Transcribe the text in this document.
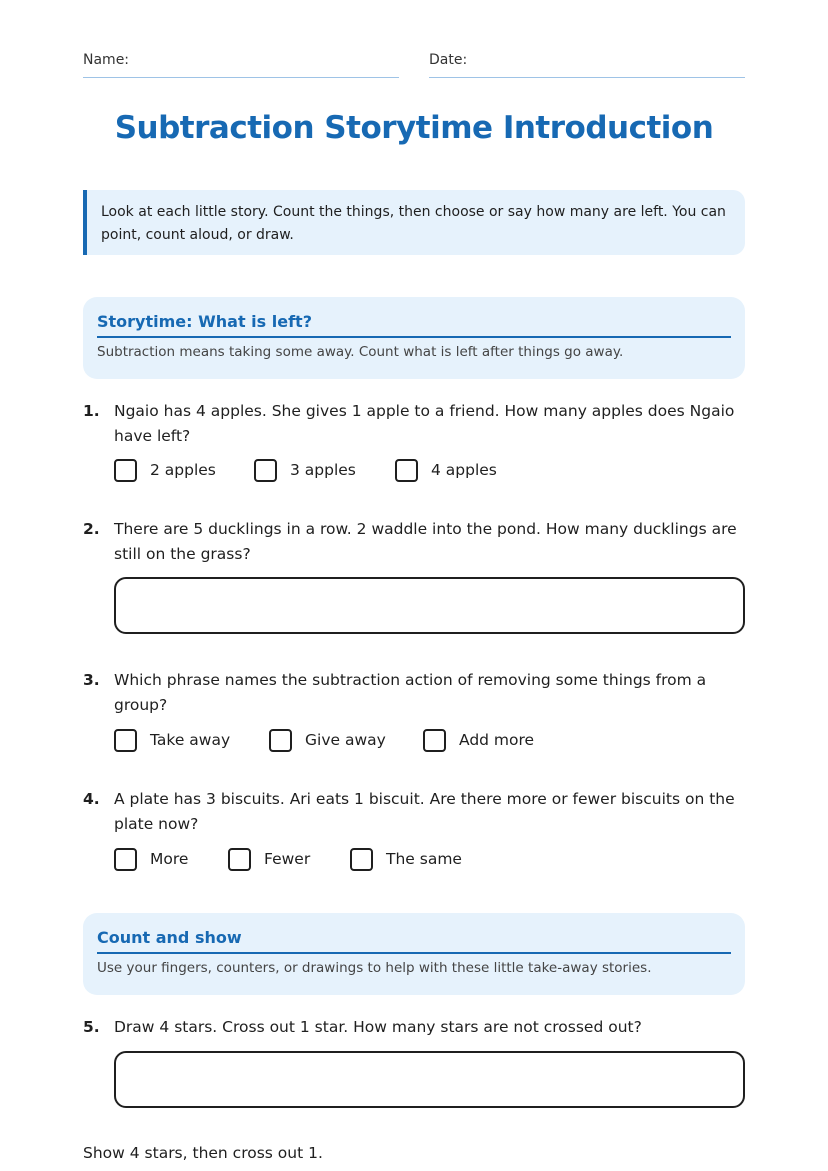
Name:	Date:
Subtraction Storytime Introduction
Look at each little story. Count the things, then choose or say how many are left. You can point, count aloud, or draw.
Storytime: What is left?
Subtraction means taking some away. Count what is left after things go away.
1. Ngaio has 4 apples. She gives 1 apple to a friend. How many apples does Ngaio have left?
2 apples	3 apples	4 apples
2. There are 5 ducklings in a row. 2 waddle into the pond. How many ducklings are still on the grass?
3. Which phrase names the subtraction action of removing some things from a group?
Take away	Give away	Add more
4. A plate has 3 biscuits. Ari eats 1 biscuit. Are there more or fewer biscuits on the plate now?
More	Fewer	The same
Count and show
Use your fingers, counters, or drawings to help with these little take-away stories.
5. Draw 4 stars. Cross out 1 star. How many stars are not crossed out?
Show 4 stars, then cross out 1.
